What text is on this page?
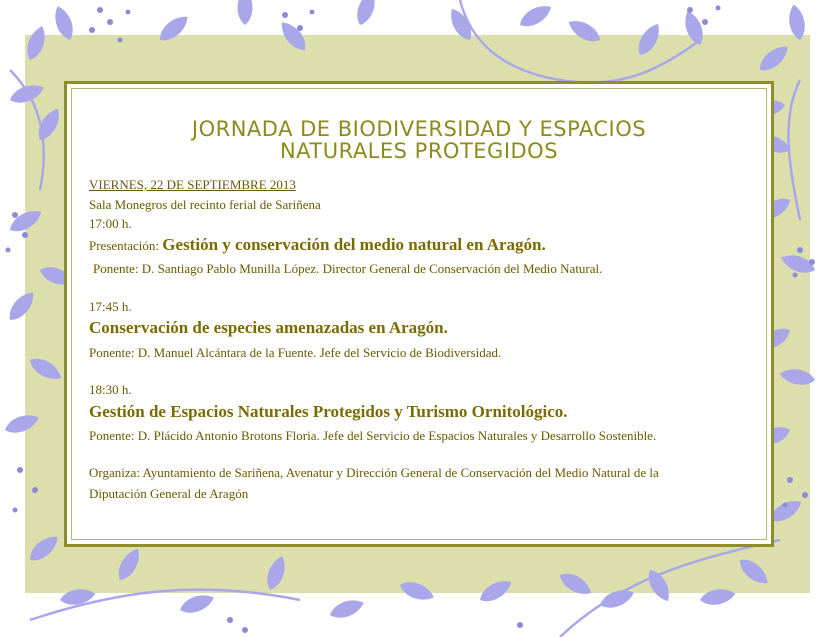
JORNADA DE BIODIVERSIDAD Y ESPACIOS
NATURALES PROTEGIDOS
VIERNES, 22 DE SEPTIEMBRE 2013
Sala Monegros del recinto ferial de Sariñena
17:00 h.
Presentación: Gestión y conservación del medio natural en Aragón.
Ponente: D. Santiago Pablo Munilla López. Director General de Conservación del Medio Natural.
17:45 h.
Conservación de especies amenazadas en Aragón.
Ponente: D. Manuel Alcántara de la Fuente. Jefe del Servicio de Biodiversidad.
18:30 h.
Gestión de Espacios Naturales Protegidos y Turismo Ornitológico.
Ponente: D. Plácido Antonio Brotons Floria. Jefe del Servicio de Espacios Naturales y Desarrollo Sostenible.
Organiza: Ayuntamiento de Sariñena, Avenatur y Dirección General de Conservación del Medio Natural de la
Diputación General de Aragón
